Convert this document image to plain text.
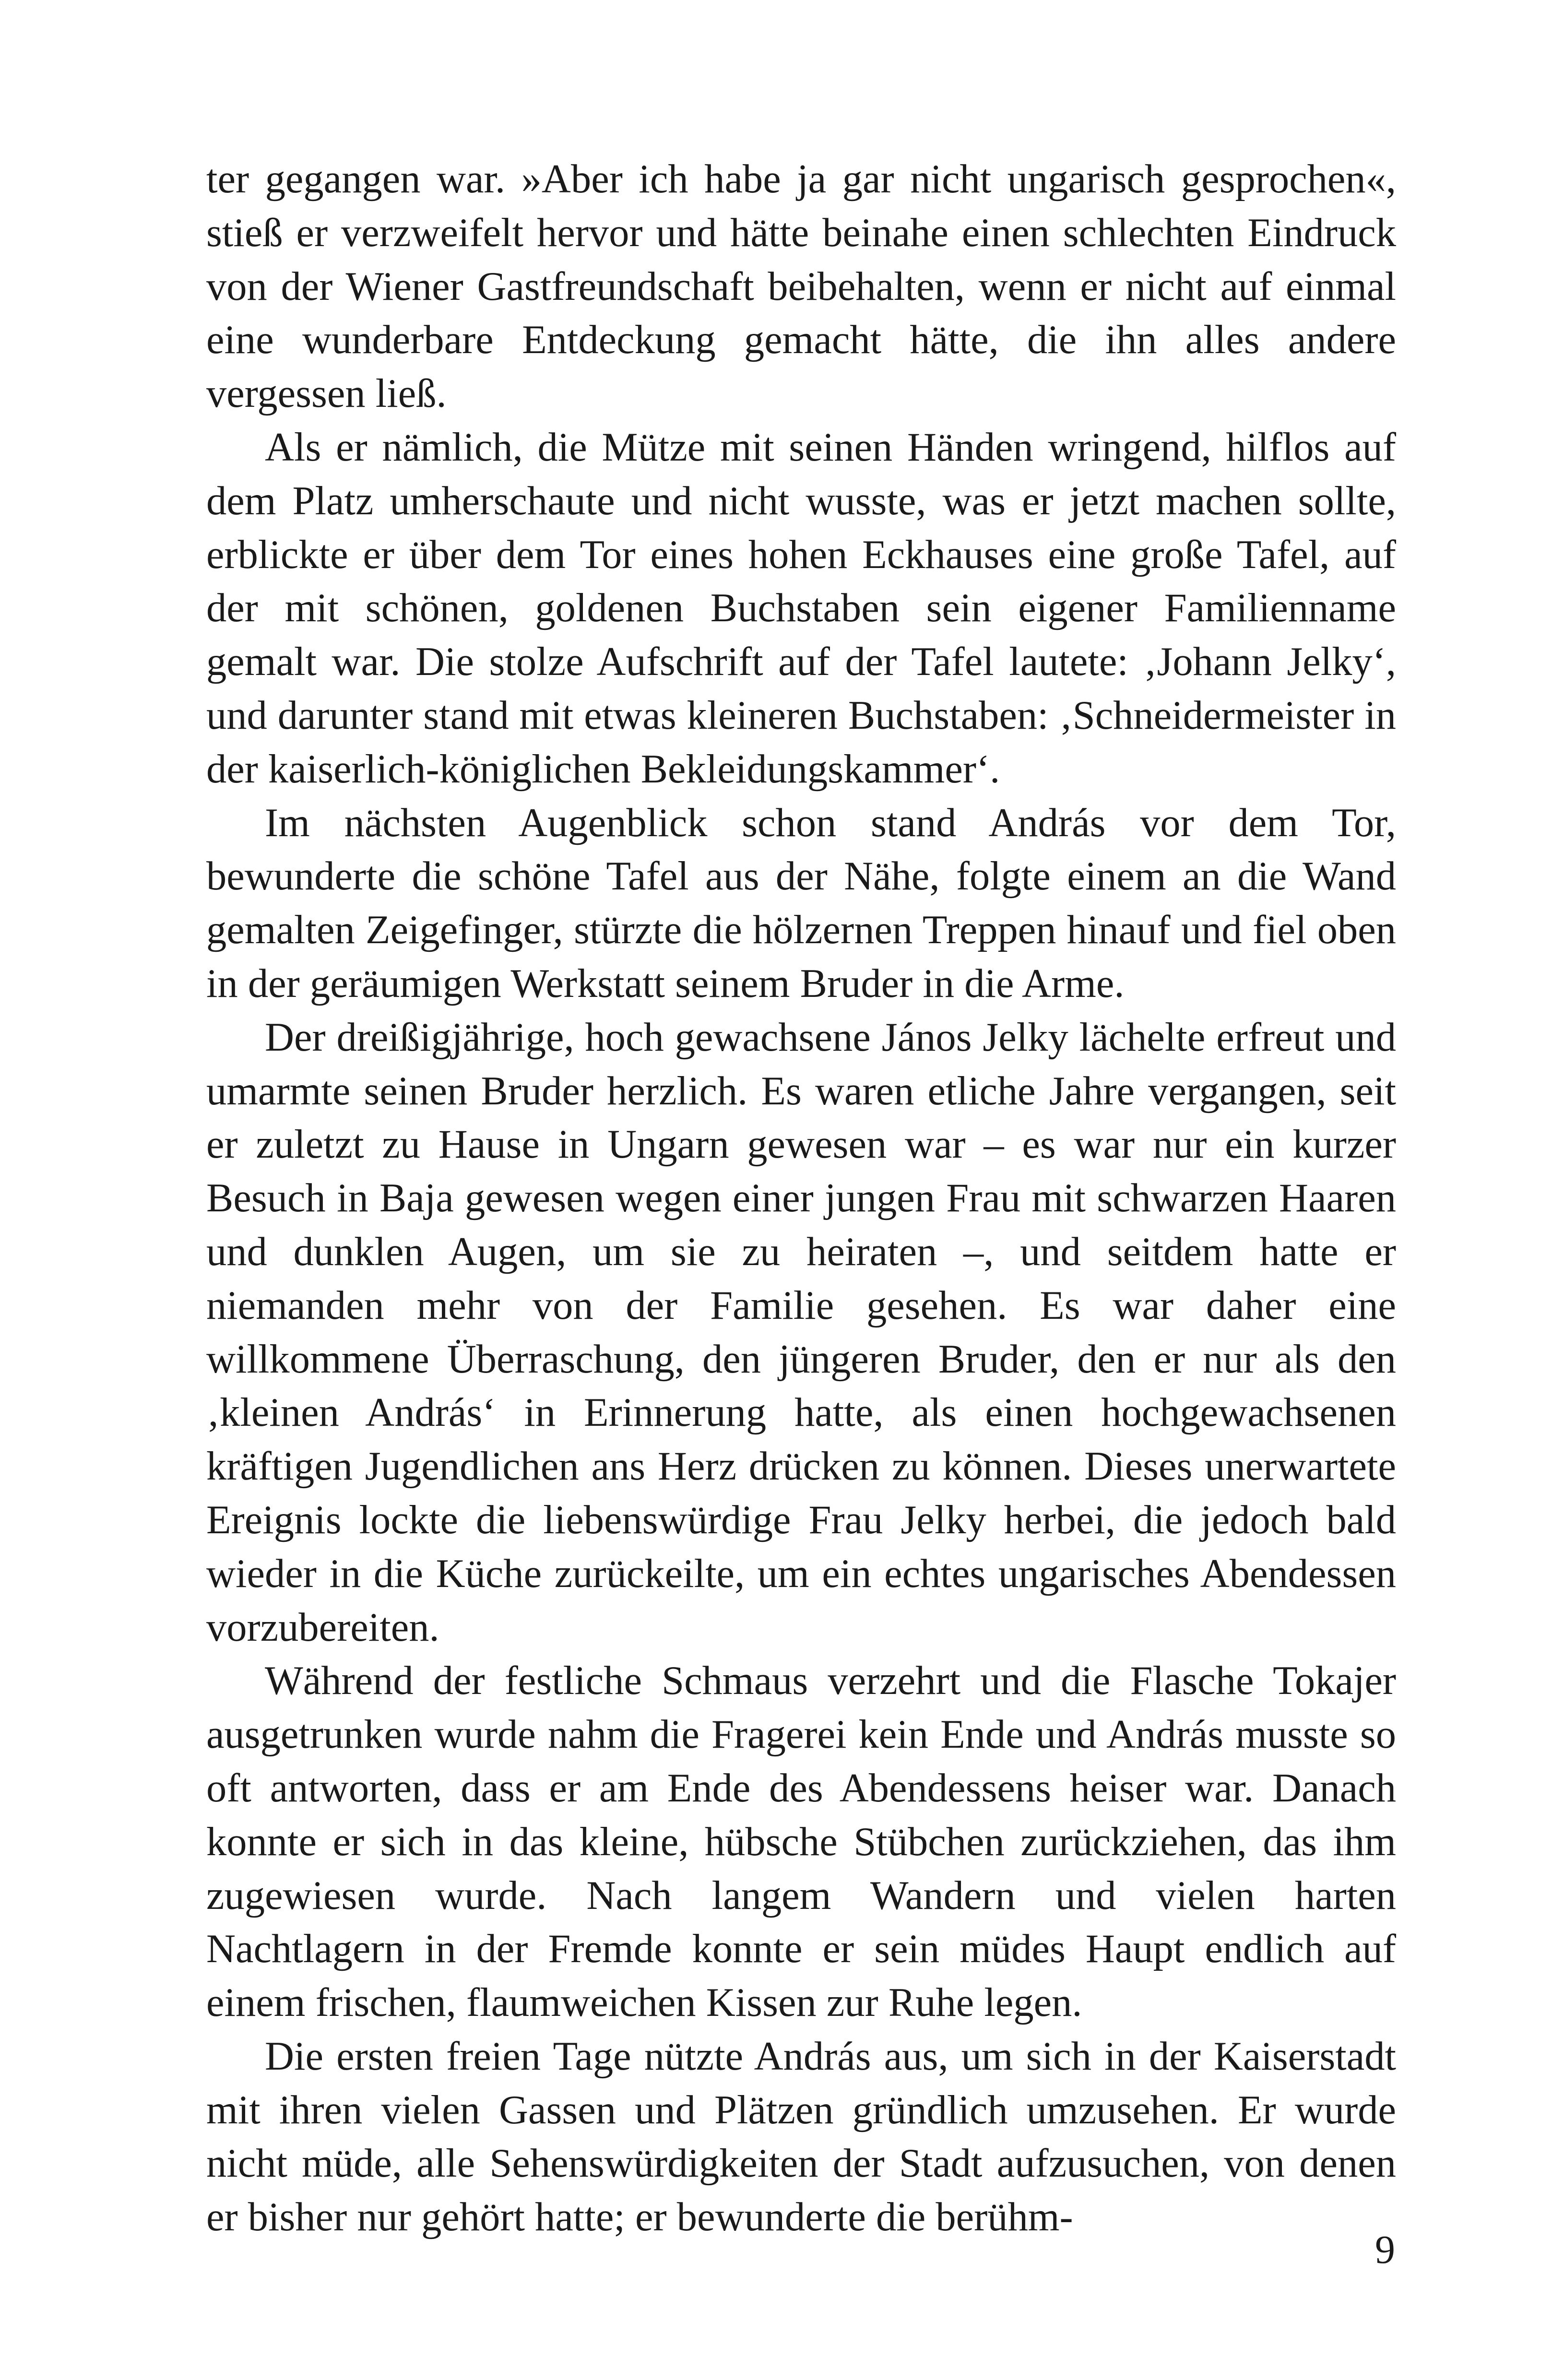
ter gegangen war. »Aber ich habe ja gar nicht ungarisch gesprochen«, stieß er verzweifelt hervor und hätte beinahe einen schlechten Eindruck von der Wiener Gastfreundschaft beibehalten, wenn er nicht auf einmal eine wunderbare Entdeckung gemacht hätte, die ihn alles andere vergessen ließ.

Als er nämlich, die Mütze mit seinen Händen wringend, hilflos auf dem Platz umherschaute und nicht wusste, was er jetzt machen sollte, erblickte er über dem Tor eines hohen Eckhauses eine große Tafel, auf der mit schönen, goldenen Buchstaben sein eigener Familienname gemalt war. Die stolze Aufschrift auf der Tafel lautete: ‚Johann Jelky‘, und darunter stand mit etwas kleineren Buchstaben: ‚Schneidermeister in der kaiserlich-königlichen Bekleidungskammer‘.

Im nächsten Augenblick schon stand András vor dem Tor, bewunderte die schöne Tafel aus der Nähe, folgte einem an die Wand gemalten Zeigefinger, stürzte die hölzernen Treppen hinauf und fiel oben in der geräumigen Werkstatt seinem Bruder in die Arme.

Der dreißigjährige, hoch gewachsene János Jelky lächelte erfreut und umarmte seinen Bruder herzlich. Es waren etliche Jahre vergangen, seit er zuletzt zu Hause in Ungarn gewesen war – es war nur ein kurzer Besuch in Baja gewesen wegen einer jungen Frau mit schwarzen Haaren und dunklen Augen, um sie zu heiraten –, und seitdem hatte er niemanden mehr von der Familie gesehen. Es war daher eine willkommene Überraschung, den jüngeren Bruder, den er nur als den ‚kleinen András‘ in Erinnerung hatte, als einen hochgewachsenen kräftigen Jugendlichen ans Herz drücken zu können. Dieses unerwartete Ereignis lockte die liebenswürdige Frau Jelky herbei, die jedoch bald wieder in die Küche zurückeilte, um ein echtes ungarisches Abendessen vorzubereiten.

Während der festliche Schmaus verzehrt und die Flasche Tokajer ausgetrunken wurde nahm die Fragerei kein Ende und András musste so oft antworten, dass er am Ende des Abendessens heiser war. Danach konnte er sich in das kleine, hübsche Stübchen zurückziehen, das ihm zugewiesen wurde. Nach langem Wandern und vielen harten Nachtlagern in der Fremde konnte er sein müdes Haupt endlich auf einem frischen, flaumweichen Kissen zur Ruhe legen.

Die ersten freien Tage nützte András aus, um sich in der Kaiserstadt mit ihren vielen Gassen und Plätzen gründlich umzusehen. Er wurde nicht müde, alle Sehenswürdigkeiten der Stadt aufzusuchen, von denen er bisher nur gehört hatte; er bewunderte die berühm-

9
